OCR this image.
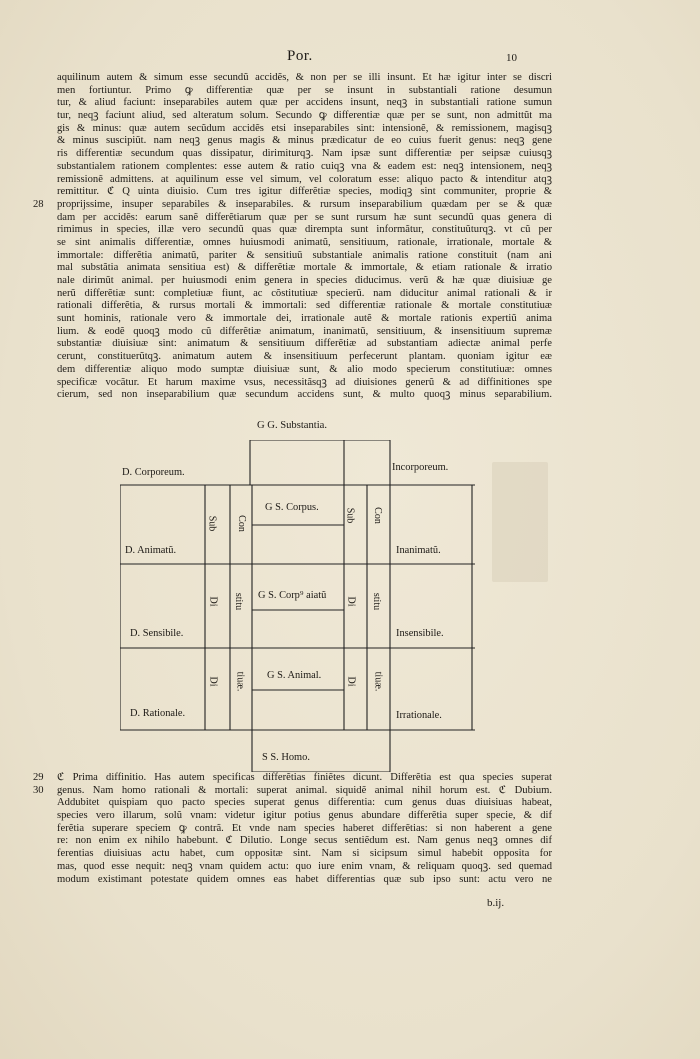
Por.	10
28
29
30
aquilinum autem & simum esse secundũ accidẽs, & non per se illi insunt. Et hæ igitur inter se discri
men fortiuntur. Primo ꝙ differentiæ quæ per se insunt in substantiali ratione desumun
tur, & aliud faciunt: inseparabiles autem quæ per accidens insunt, neqꝫ in substantiali ratione sumun
tur, neqꝫ faciunt aliud, sed alteratum solum. Secundo ꝙ differentiæ quæ per se sunt, non admittũt ma
gis & minus: quæ autem secũdum accidẽs etsi inseparabiles sint: intensionẽ, & remissionem, magisqꝫ
& minus suscipiũt. nam neqꝫ genus magis & minus prædicatur de eo cuius fuerit genus: neqꝫ gene
ris differentiæ secundum quas dissipatur, dirimiturqꝫ. Nam ipsæ sunt differentiæ per seipsæ cuiusqꝫ
substantialem rationem complentes: esse autem & ratio cuiqꝫ vna & eadem est: neqꝫ intensionem, neqꝫ
remissionẽ admittens. at aquilinum esse vel simum, vel coloratum esse: aliquo pacto & intenditur atqꝫ
remittitur. ℭ Q uinta diuisio. Cum tres igitur differẽtiæ species, modiqꝫ sint communiter, proprie &
proprijssime, insuper separabiles & inseparabiles. & rursum inseparabilium quædam per se & quæ
dam per accidẽs: earum sanẽ differẽtiarum quæ per se sunt rursum hæ sunt secundũ quas genera di
rimimus in species, illæ vero secundũ quas quæ dirempta sunt informãtur, constituũturqꝫ. vt cũ per
se sint animalis differentiæ, omnes huiusmodi animatũ, sensitiuum, rationale, irrationale, mortale &
immortale: differẽtia animatũ, pariter & sensitiuũ substantiale animalis ratione constituit (nam ani
mal substãtia animata sensitiua est) & differẽtiæ mortale & immortale, & etiam rationale & irratio
nale dirimũt animal. per huiusmodi enim genera in species diducimus. verũ & hæ quæ diuisiuæ ge
nerũ differẽtiæ sunt: completiuæ fiunt, ac cõstitutiuæ specierũ. nam diducitur animal rationali & ir
rationali differẽtia, & rursus mortali & immortali: sed differentiæ rationale & mortale constitutiuæ
sunt hominis, rationale vero & immortale dei, irrationale autẽ & mortale rationis expertiũ anima
lium. & eodẽ quoqꝫ modo cũ differẽtiæ animatum, inanimatũ, sensitiuum, & insensitiuum supremæ
substantiæ diuisiuæ sint: animatum & sensitiuum differẽtiæ ad substantiam adiectæ animal perfe
cerunt, constituerũtqꝫ. animatum autem & insensitiuum perfecerunt plantam. quoniam igitur eæ
dem differentiæ aliquo modo sumptæ diuisiuæ sunt, & alio modo specierum constitutiuæ: omnes
specificæ vocãtur. Et harum maxime vsus, necessitãsqꝫ ad diuisiones generũ & ad diffinitiones spe
cierum, sed non inseparabilium quæ secundum accidens sunt, & multo quoqꝫ minus separabilium.
G G. Substantia.
D. Corporeum.
D. Animatũ.
D. Sensibile.
D. Rationale.
Incorporeum.
Inanimatũ.
Insensibile.
Irrationale.
G S. Corpus.
G S. Corp⁹ aiatũ
G S. Animal.
S S. Homo.
Sub Con	Sub Con
Di stitu	Di stitu
Di tiuæ.	Di tiuæ.
ℭ Prima diffinitio. Has autem specificas differẽtias finiẽtes dicunt. Differẽtia est qua species superat
genus. Nam homo rationali & mortali: superat animal. siquidẽ animal nihil horum est. ℭ Dubium.
Addubitet quispiam quo pacto species superat genus differentia: cum genus duas diuisiuas habeat,
species vero illarum, solũ vnam: videtur igitur potius genus abundare differẽtia super specie, & dif
ferẽtia superare speciem ꝙ contrã. Et vnde nam species haberet differẽtias: si non haberent a gene
re: non enim ex nihilo habebunt. ℭ Dilutio. Longe secus sentiẽdum est. Nam genus neqꝫ omnes dif
ferentias diuisiuas actu habet, cum oppositæ sint. Nam si sicipsum simul habebit opposita for
mas, quod esse nequit: neqꝫ vnam quidem actu: quo iure enim vnam, & reliquam quoqꝫ. sed quemad
modum existimant potestate quidem omnes eas habet differentias quæ sub ipso sunt: actu vero ne
b.ij.
